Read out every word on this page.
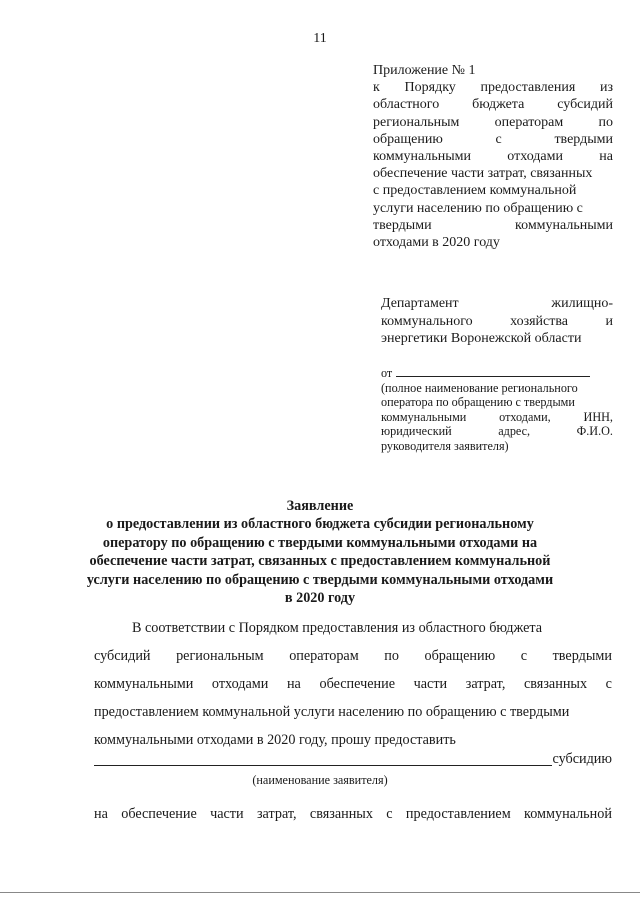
11
Приложение № 1
к Порядку предоставления из
областного бюджета субсидий
региональным	операторам	по
обращению	с	твердыми
коммунальными	отходами	на
обеспечение части затрат, связанных
с предоставлением коммунальной
услуги населению по обращению с
твердыми	коммунальными
отходами в 2020 году
Департамент	жилищно-
коммунального	хозяйства	и
энергетики Воронежской области
от
(полное наименование регионального
оператора по обращению с твердыми
коммунальными	отходами,	ИНН,
юридический	адрес,	Ф.И.О.
руководителя заявителя)
Заявление
о предоставлении из областного бюджета субсидии региональному
оператору по обращению с твердыми коммунальными отходами на
обеспечение части затрат, связанных с предоставлением коммунальной
услуги населению по обращению с твердыми коммунальными отходами
в 2020 году
В соответствии с Порядком предоставления из областного бюджета
субсидий региональным операторам по обращению с твердыми
коммунальными отходами на обеспечение части затрат, связанных с
предоставлением коммунальной услуги населению по обращению с твердыми
коммунальными отходами в 2020 году, прошу предоставить
субсидию
(наименование заявителя)
на обеспечение части затрат, связанных с предоставлением коммунальной
